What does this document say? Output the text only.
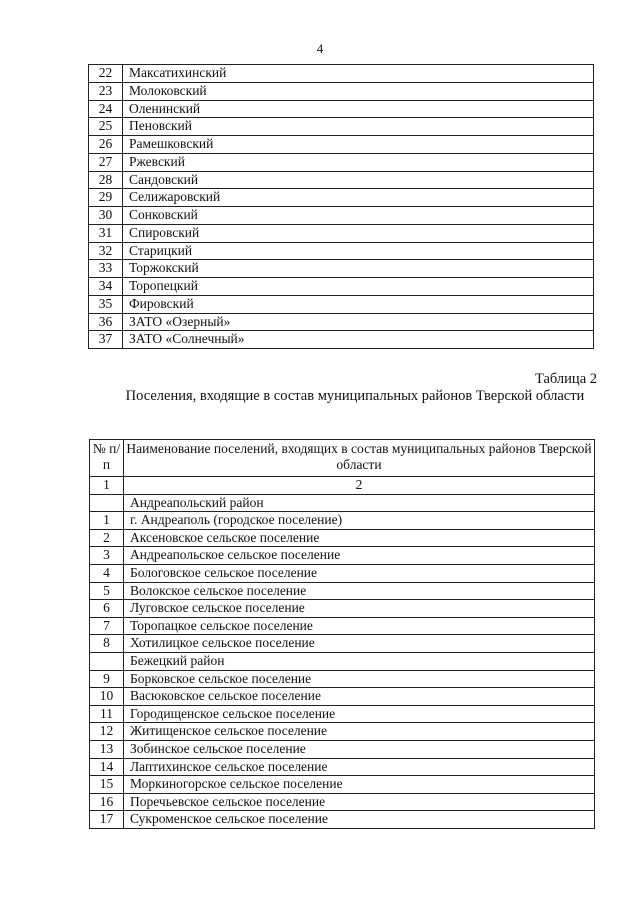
4
22	Максатихинский
23	Молоковский
24	Оленинский
25	Пеновский
26	Рамешковский
27	Ржевский
28	Сандовский
29	Селижаровский
30	Сонковский
31	Спировский
32	Старицкий
33	Торжокский
34	Торопецкий
35	Фировский
36	ЗАТО «Озерный»
37	ЗАТО «Солнечный»
Таблица 2
Поселения, входящие в состав муниципальных районов Тверской области
№ п/п	Наименование поселений, входящих в состав муниципальных районов Тверской области
1	2
	Андреапольский район
1	г. Андреаполь (городское поселение)
2	Аксеновское сельское поселение
3	Андреапольское сельское поселение
4	Бологовское сельское поселение
5	Волокское сельское поселение
6	Луговское сельское поселение
7	Торопацкое сельское поселение
8	Хотилицкое сельское поселение
	Бежецкий район
9	Борковское сельское поселение
10	Васюковское сельское поселение
11	Городищенское сельское поселение
12	Житищенское сельское поселение
13	Зобинское сельское поселение
14	Лаптихинское сельское поселение
15	Моркиногорское сельское поселение
16	Поречьевское сельское поселение
17	Сукроменское сельское поселение
